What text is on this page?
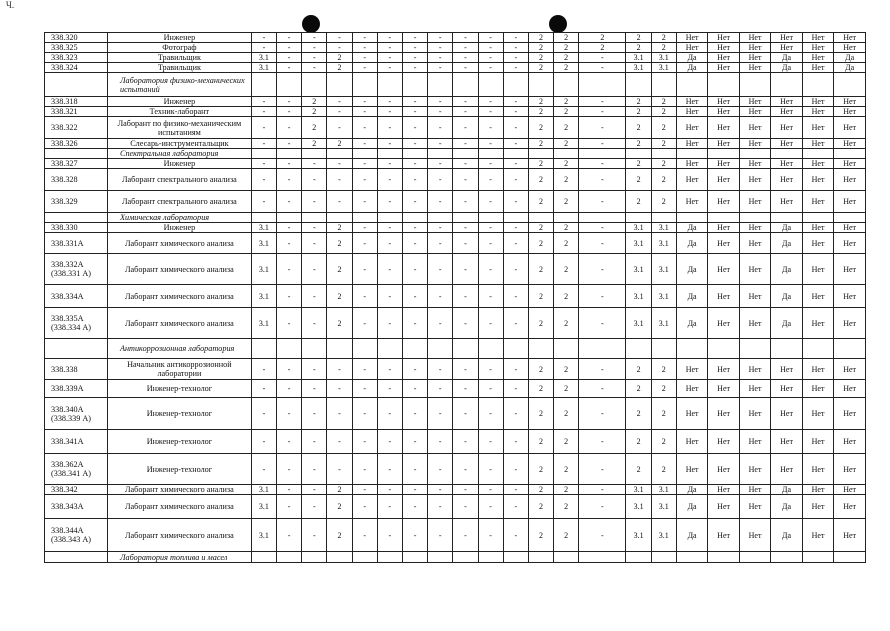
Ч.
338.320	Инженер	-	-	-	-	-	-	-	-	-	-	-	2	2	2	2	2	Нет	Нет	Нет	Нет	Нет	Нет
338.325	Фотограф	-	-	-	-	-	-	-	-	-	-	-	2	2	2	2	2	Нет	Нет	Нет	Нет	Нет	Нет
338.323	Травильщик	3.1	-	-	2	-	-	-	-	-	-	-	2	2	-	3.1	3.1	Да	Нет	Нет	Да	Нет	Да
338.324	Травильщик	3.1	-	-	2	-	-	-	-	-	-	-	2	2	-	3.1	3.1	Да	Нет	Нет	Да	Нет	Да
	Лаборатория физико-механических испытаний																						
338.318	Инженер	-	-	2	-	-	-	-	-	-	-	-	2	2	-	2	2	Нет	Нет	Нет	Нет	Нет	Нет
338.321	Техник-лаборант	-	-	2	-	-	-	-	-	-	-	-	2	2	-	2	2	Нет	Нет	Нет	Нет	Нет	Нет
338.322	Лаборант по физико-механическим испытаниям	-	-	2	-	-	-	-	-	-	-	-	2	2	-	2	2	Нет	Нет	Нет	Нет	Нет	Нет
338.326	Слесарь-инструментальщик	-	-	2	2	-	-	-	-	-	-	-	2	2	-	2	2	Нет	Нет	Нет	Нет	Нет	Нет
	Спектральная лаборатория																						
338.327	Инженер	-	-	-	-	-	-	-	-	-	-	-	2	2	-	2	2	Нет	Нет	Нет	Нет	Нет	Нет
338.328	Лаборант спектрального анализа	-	-	-	-	-	-	-	-	-	-	-	2	2	-	2	2	Нет	Нет	Нет	Нет	Нет	Нет
338.329	Лаборант спектрального анализа	-	-	-	-	-	-	-	-	-	-	-	2	2	-	2	2	Нет	Нет	Нет	Нет	Нет	Нет
	Химическая лаборатория																						
338.330	Инженер	3.1	-	-	2	-	-	-	-	-	-	-	2	2	-	3.1	3.1	Да	Нет	Нет	Да	Нет	Нет
338.331А	Лаборант химического анализа	3.1	-	-	2	-	-	-	-	-	-	-	2	2	-	3.1	3.1	Да	Нет	Нет	Да	Нет	Нет
338.332А (338.331 А)	Лаборант химического анализа	3.1	-	-	2	-	-	-	-	-	-	-	2	2	-	3.1	3.1	Да	Нет	Нет	Да	Нет	Нет
338.334А	Лаборант химического анализа	3.1	-	-	2	-	-	-	-	-	-	-	2	2	-	3.1	3.1	Да	Нет	Нет	Да	Нет	Нет
338.335А (338.334 А)	Лаборант химического анализа	3.1	-	-	2	-	-	-	-	-	-	-	2	2	-	3.1	3.1	Да	Нет	Нет	Да	Нет	Нет
	Антикоррозионная лаборатория																						
338.338	Начальник антикоррозионной лаборатории	-	-	-	-	-	-	-	-	-	-	-	2	2	-	2	2	Нет	Нет	Нет	Нет	Нет	Нет
338.339А	Инженер-технолог	-	-	-	-	-	-	-	-	-	-	-	2	2	-	2	2	Нет	Нет	Нет	Нет	Нет	Нет
338.340А (338.339 А)	Инженер-технолог	-	-	-	-	-	-	-	-	-	-	-	2	2	-	2	2	Нет	Нет	Нет	Нет	Нет	Нет
338.341А	Инженер-технолог	-	-	-	-	-	-	-	-	-	-	-	2	2	-	2	2	Нет	Нет	Нет	Нет	Нет	Нет
338.362А (338.341 А)	Инженер-технолог	-	-	-	-	-	-	-	-	-	-	-	2	2	-	2	2	Нет	Нет	Нет	Нет	Нет	Нет
338.342	Лаборант химического анализа	3.1	-	-	2	-	-	-	-	-	-	-	2	2	-	3.1	3.1	Да	Нет	Нет	Да	Нет	Нет
338.343А	Лаборант химического анализа	3.1	-	-	2	-	-	-	-	-	-	-	2	2	-	3.1	3.1	Да	Нет	Нет	Да	Нет	Нет
338.344А (338.343 А)	Лаборант химического анализа	3.1	-	-	2	-	-	-	-	-	-	-	2	2	-	3.1	3.1	Да	Нет	Нет	Да	Нет	Нет
	Лаборатория топлива и масел																						
